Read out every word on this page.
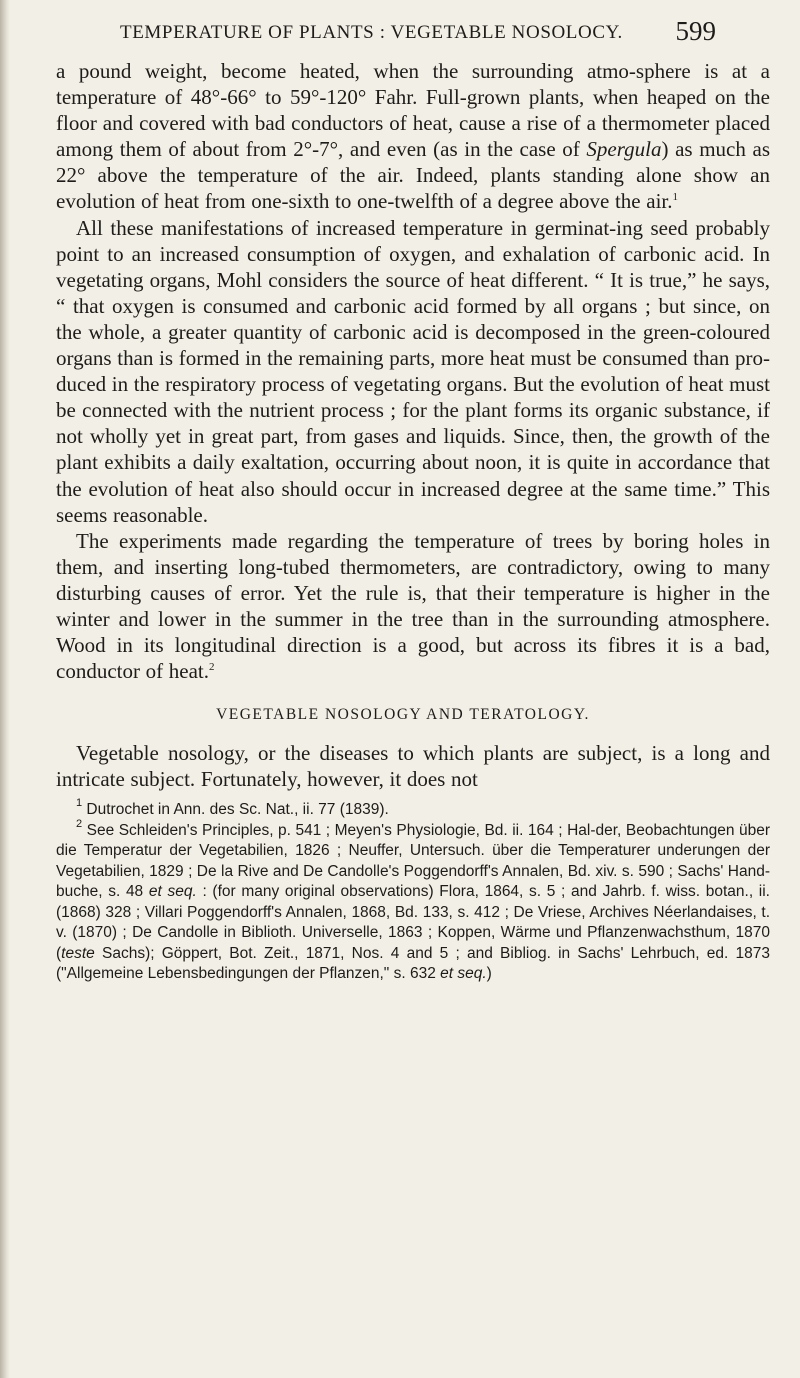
TEMPERATURE OF PLANTS : VEGETABLE NOSOLOCY. 599

a pound weight, become heated, when the surrounding atmo-sphere is at a temperature of 48°-66° to 59°-120° Fahr. Full-grown plants, when heaped on the floor and covered with bad conductors of heat, cause a rise of a thermometer placed among them of about from 2°-7°, and even (as in the case of Spergula) as much as 22° above the temperature of the air. Indeed, plants standing alone show an evolution of heat from one-sixth to one-twelfth of a degree above the air.$^1$

All these manifestations of increased temperature in germinat-ing seed probably point to an increased consumption of oxygen, and exhalation of carbonic acid. In vegetating organs, Mohl considers the source of heat different. “ It is true,” he says, “ that oxygen is consumed and carbonic acid formed by all organs ; but since, on the whole, a greater quantity of carbonic acid is decomposed in the green-coloured organs than is formed in the remaining parts, more heat must be consumed than pro-duced in the respiratory process of vegetating organs. But the evolution of heat must be connected with the nutrient process ; for the plant forms its organic substance, if not wholly yet in great part, from gases and liquids. Since, then, the growth of the plant exhibits a daily exaltation, occurring about noon, it is quite in accordance that the evolution of heat also should occur in increased degree at the same time.” This seems reasonable.

The experiments made regarding the temperature of trees by boring holes in them, and inserting long-tubed thermometers, are contradictory, owing to many disturbing causes of error. Yet the rule is, that their temperature is higher in the winter and lower in the summer in the tree than in the surrounding atmosphere. Wood in its longitudinal direction is a good, but across its fibres it is a bad, conductor of heat.$^2$

VEGETABLE NOSOLOGY AND TERATOLOGY.

Vegetable nosology, or the diseases to which plants are subject, is a long and intricate subject. Fortunately, however, it does not

$^1$ Dutrochet in Ann. des Sc. Nat., ii. 77 (1839).

$^2$ See Schleiden's Principles, p. 541 ; Meyen's Physiologie, Bd. ii. 164 ; Hal-der, Beobachtungen über die Temperatur der Vegetabilien, 1826 ; Neuffer, Untersuch. über die Temperaturer underungen der Vegetabilien, 1829 ; De la Rive and De Candolle's Poggendorff's Annalen, Bd. xiv. s. 590 ; Sachs' Hand-buche, s. 48 et seq. : (for many original observations) Flora, 1864, s. 5 ; and Jahrb. f. wiss. botan., ii. (1868) 328 ; Villari Poggendorff's Annalen, 1868, Bd. 133, s. 412 ; De Vriese, Archives Néerlandaises, t. v. (1870) ; De Candolle in Biblioth. Universelle, 1863 ; Koppen, Wärme und Pflanzenwachsthum, 1870 (teste Sachs); Göppert, Bot. Zeit., 1871, Nos. 4 and 5 ; and Bibliog. in Sachs' Lehrbuch, ed. 1873 ("Allgemeine Lebensbedingungen der Pflanzen," s. 632 et seq.)
